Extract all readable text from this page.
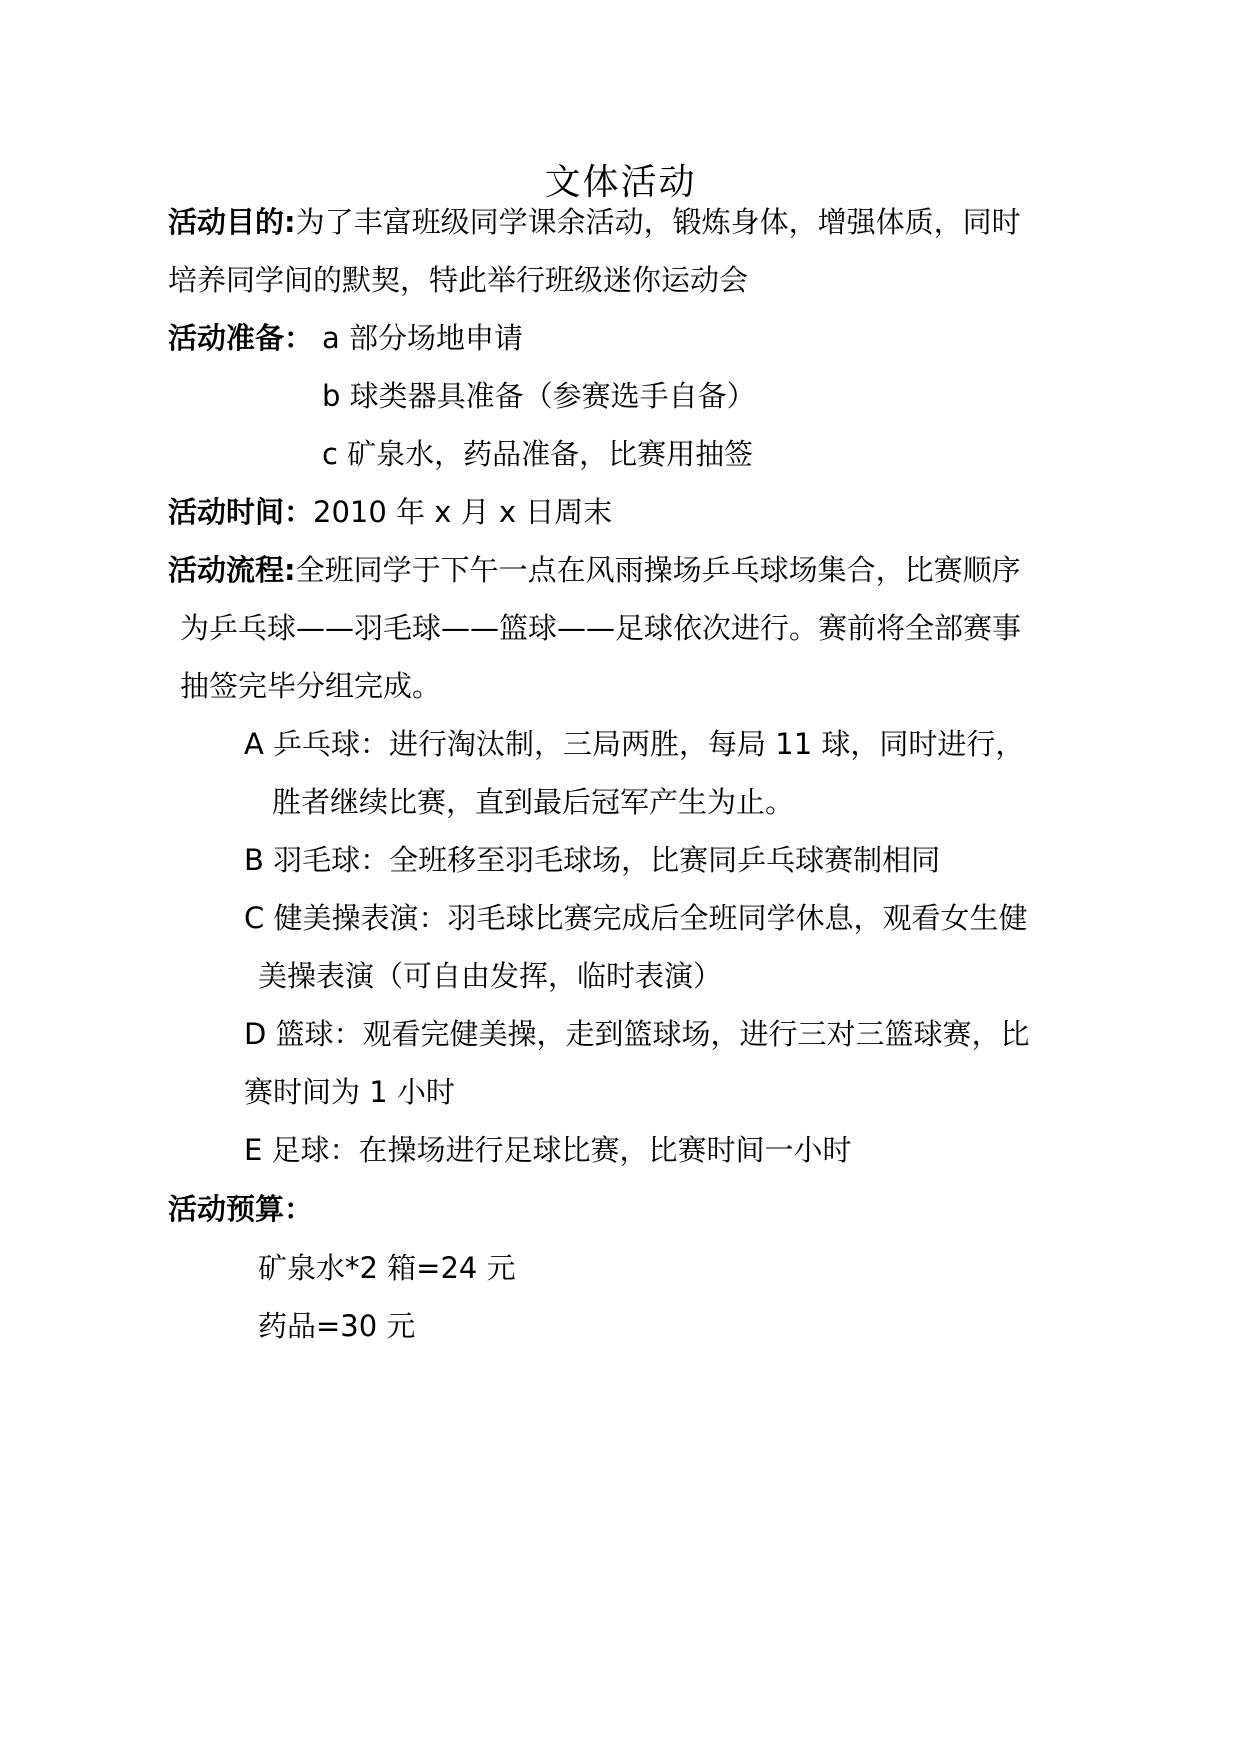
文体活动
活动目的:为了丰富班级同学课余活动，锻炼身体，增强体质，同时
培养同学间的默契，特此举行班级迷你运动会
活动准备： a 部分场地申请
b 球类器具准备（参赛选手自备）
c 矿泉水，药品准备，比赛用抽签
活动时间：2010 年 x 月 x 日周末
活动流程:全班同学于下午一点在风雨操场乒乓球场集合，比赛顺序
为乒乓球——羽毛球——篮球——足球依次进行。赛前将全部赛事
抽签完毕分组完成。
A 乒乓球：进行淘汰制，三局两胜，每局 11 球，同时进行，
胜者继续比赛，直到最后冠军产生为止。
B 羽毛球：全班移至羽毛球场，比赛同乒乓球赛制相同
C 健美操表演：羽毛球比赛完成后全班同学休息，观看女生健
美操表演（可自由发挥，临时表演）
D 篮球：观看完健美操，走到篮球场，进行三对三篮球赛，比
赛时间为 1 小时
E 足球：在操场进行足球比赛，比赛时间一小时
活动预算：
矿泉水*2 箱=24 元
药品=30 元
